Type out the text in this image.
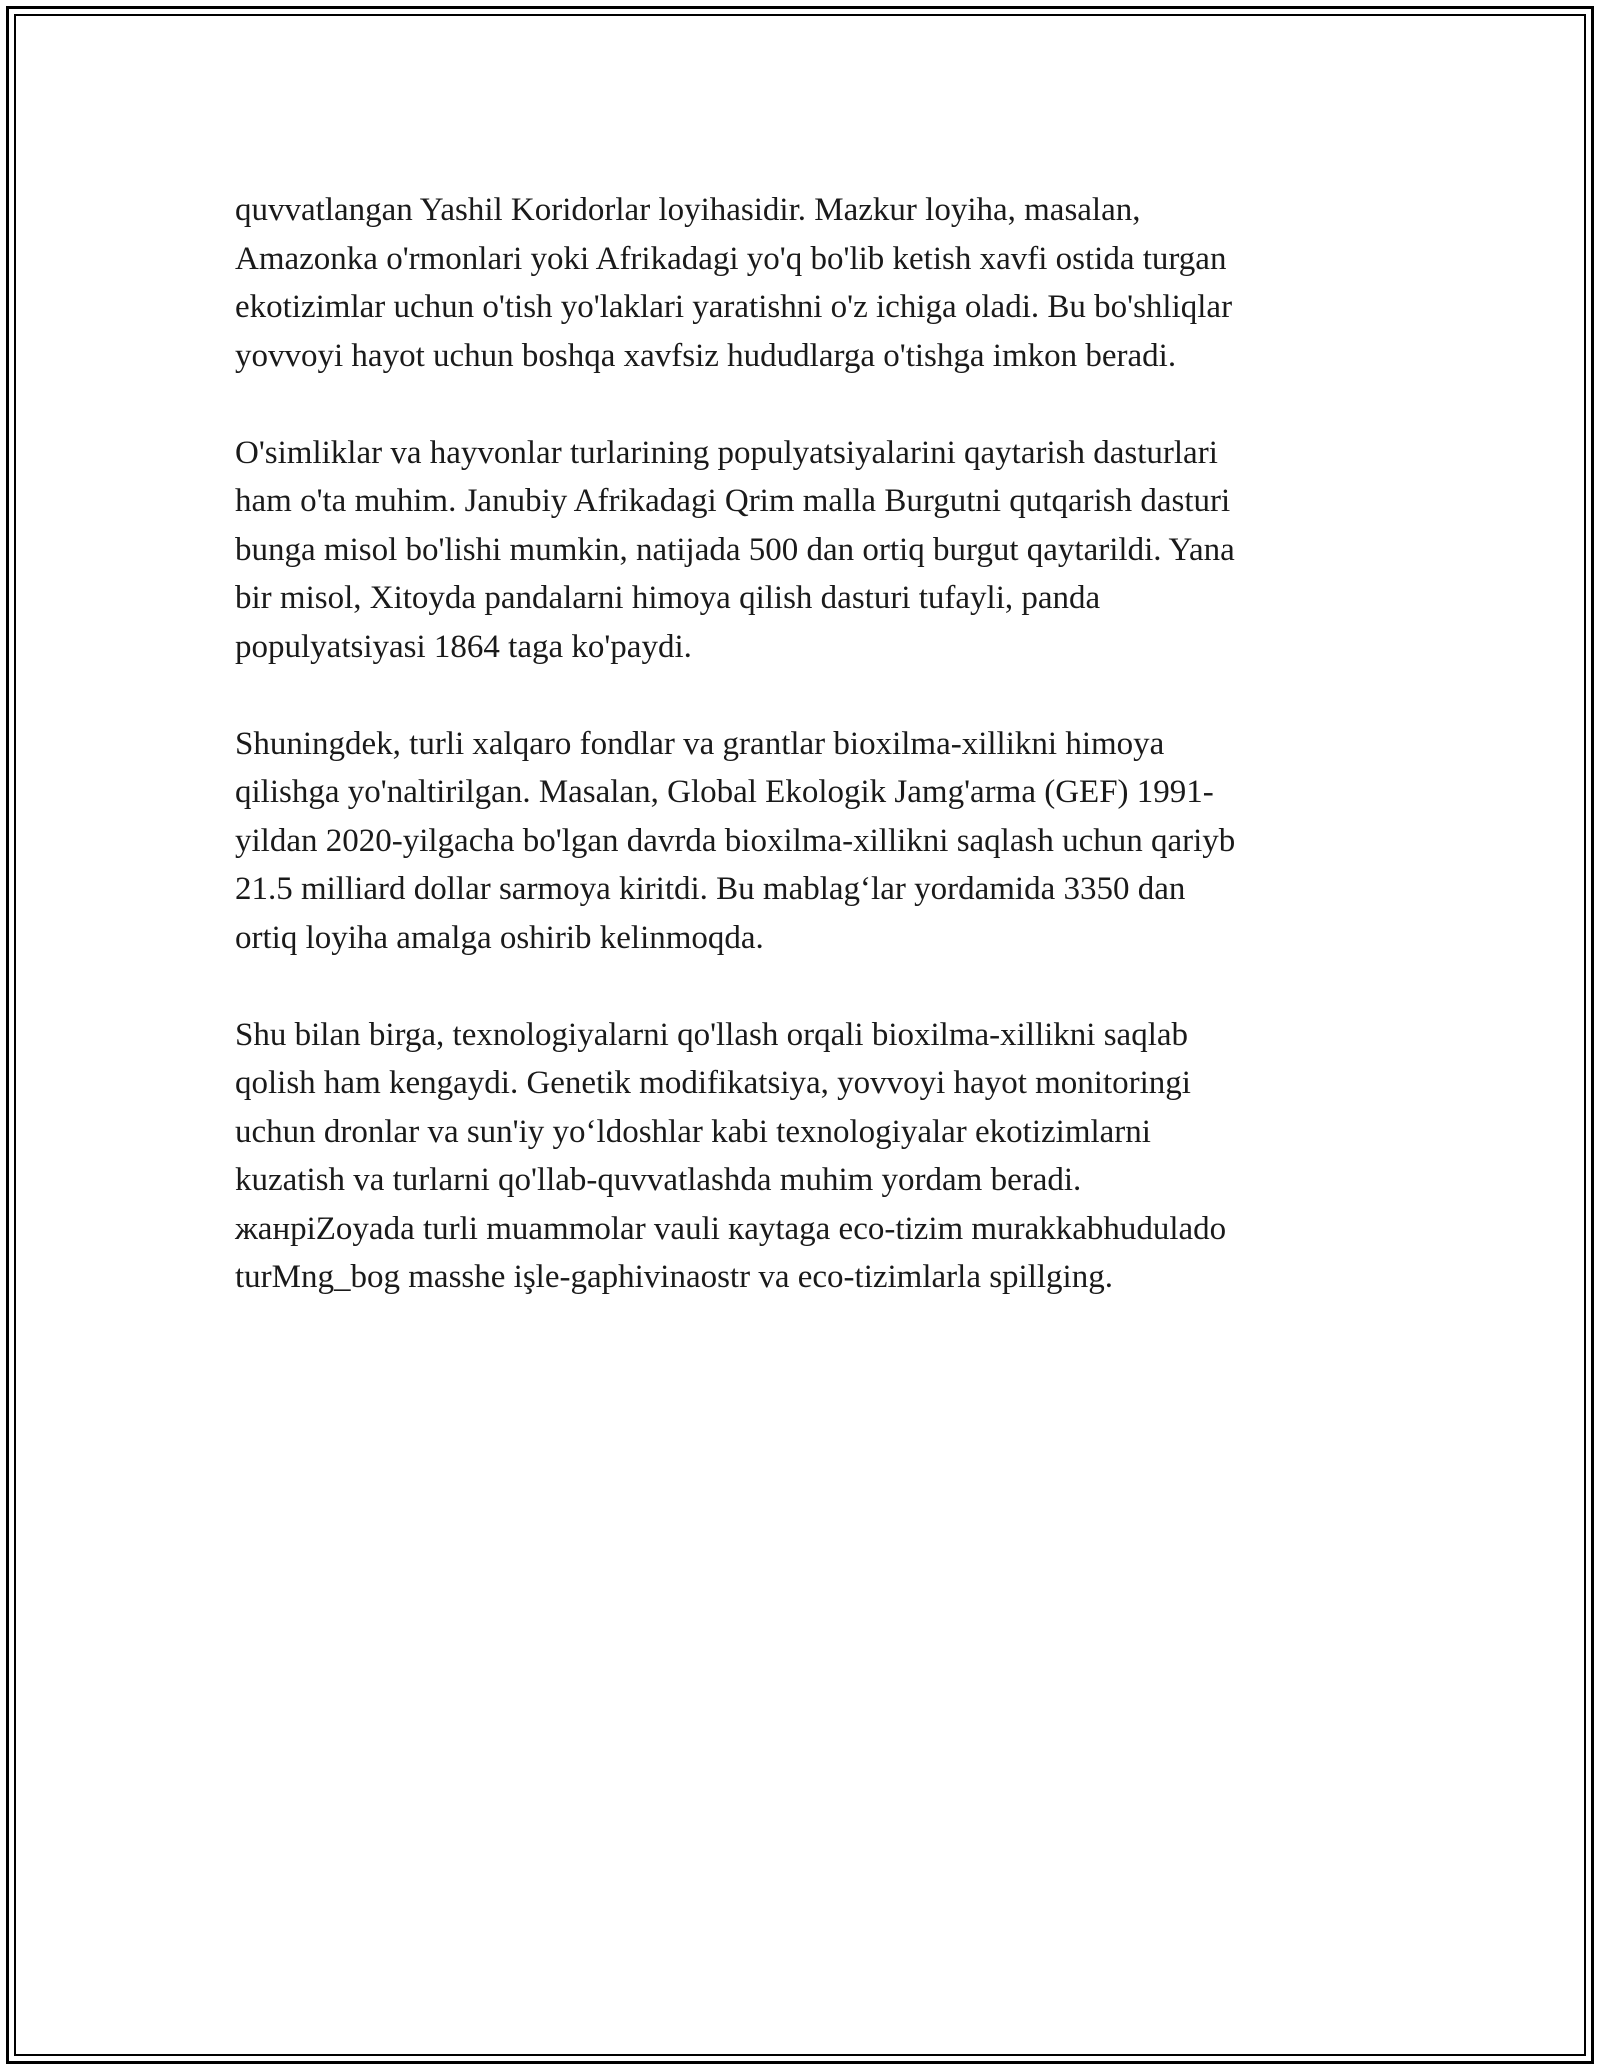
quvvatlangan Yashil Koridorlar loyihasidir. Mazkur loyiha, masalan,
Amazonka o'rmonlari yoki Afrikadagi yo'q bo'lib ketish xavfi ostida turgan
ekotizimlar uchun o'tish yo'laklari yaratishni o'z ichiga oladi. Bu bo'shliqlar
yovvoyi hayot uchun boshqa xavfsiz hududlarga o'tishga imkon beradi.

O'simliklar va hayvonlar turlarining populyatsiyalarini qaytarish dasturlari
ham o'ta muhim. Janubiy Afrikadagi Qrim malla Burgutni qutqarish dasturi
bunga misol bo'lishi mumkin, natijada 500 dan ortiq burgut qaytarildi. Yana
bir misol, Xitoyda pandalarni himoya qilish dasturi tufayli, panda
populyatsiyasi 1864 taga ko'paydi.

Shuningdek, turli xalqaro fondlar va grantlar bioxilma-xillikni himoya
qilishga yo'naltirilgan. Masalan, Global Ekologik Jamg'arma (GEF) 1991-
yildan 2020-yilgacha bo'lgan davrda bioxilma-xillikni saqlash uchun qariyb
21.5 milliard dollar sarmoya kiritdi. Bu mablag‘lar yordamida 3350 dan
ortiq loyiha amalga oshirib kelinmoqda.

Shu bilan birga, texnologiyalarni qo'llash orqali bioxilma-xillikni saqlab
qolish ham kengaydi. Genetik modifikatsiya, yovvoyi hayot monitoringi
uchun dronlar va sun'iy yo‘ldoshlar kabi texnologiyalar ekotizimlarni
kuzatish va turlarni qo'llab-quvvatlashda muhim yordam beradi.
жанрiZoyada turli muammolar vauli кaytaga eco-tizim murakkabhudulado
turMng_bog masshe işle-gaphivinaostr va eco-tizimlarla spillging.
